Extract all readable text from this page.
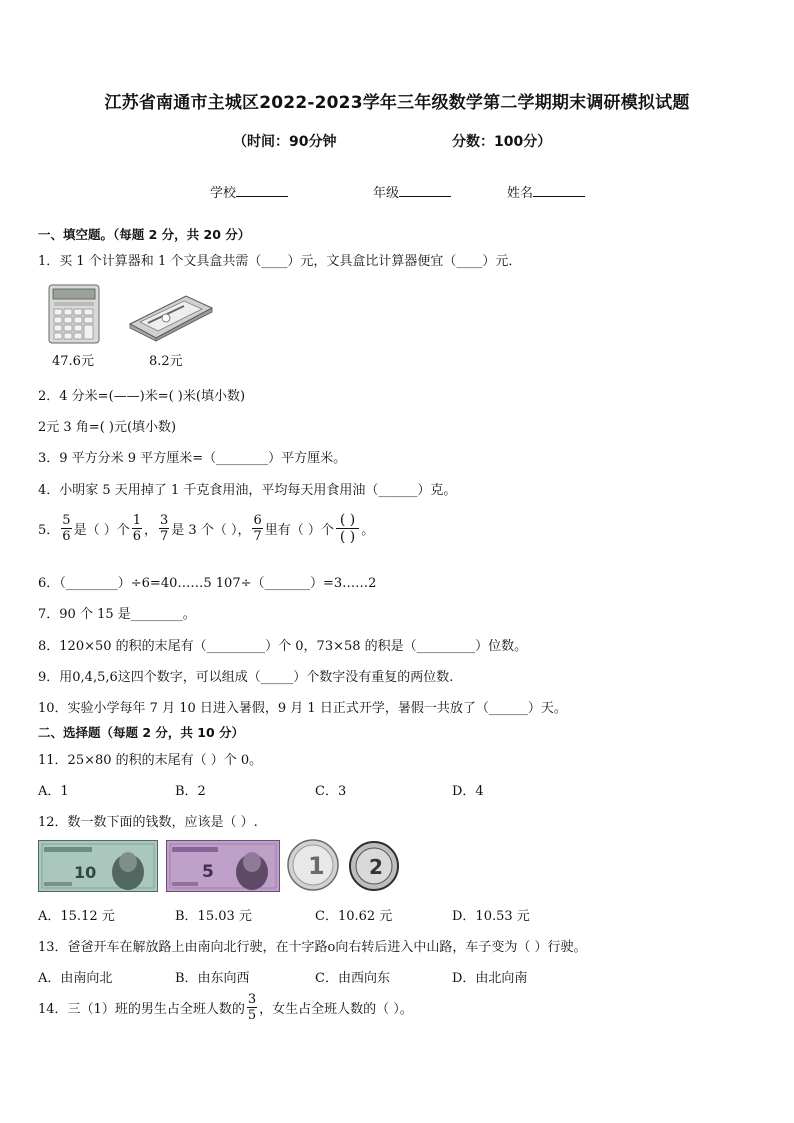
江苏省南通市主城区2022-2023学年三年级数学第二学期期末调研模拟试题
（时间：90分钟	分数：100分）
学校	年级	姓名
一、填空题。（每题 2 分，共 20 分）
1．买 1 个计算器和 1 个文具盒共需（____）元，文具盒比计算器便宜（____）元．
47.6元	8.2元
2．4 分米=(——)米=( )米(填小数)
2元 3 角=( )元(填小数)
3．9 平方分米 9 平方厘米=（________）平方厘米。
4．小明家 5 天用掉了 1 千克食用油，平均每天用食用油（______）克。
5． $\frac{5}{6}$ 是（ ）个 $\frac{1}{6}$ ， $\frac{3}{7}$ 是 3 个（ ）， $\frac{6}{7}$ 里有（ ）个 $\frac{( )}{( )}$ 。
6．（________）÷6=40……5 107÷（_______）=3……2
7．90 个 15 是________。
8．120×50 的积的末尾有（_________）个 0，73×58 的积是（_________）位数。
9．用0,4,5,6这四个数字，可以组成（_____）个数字没有重复的两位数.
10．实验小学每年 7 月 10 日进入暑假，9 月 1 日正式开学，暑假一共放了（______）天。
二、选择题（每题 2 分，共 10 分）
11．25×80 的积的末尾有（ ）个 0。
A．1	B．2	C．3	D．4
12．数一数下面的钱数，应该是（ ）.
10	5	1 2
A．15.12 元	B．15.03 元	C．10.62 元	D．10.53 元
13．爸爸开车在解放路上由南向北行驶，在十字路o向右转后进入中山路，车子变为（ ）行驶。
A．由南向北	B．由东向西	C．由西向东	D．由北向南
14．三（1）班的男生占全班人数的 $\frac{3}{5}$ ，女生占全班人数的（ ）。
